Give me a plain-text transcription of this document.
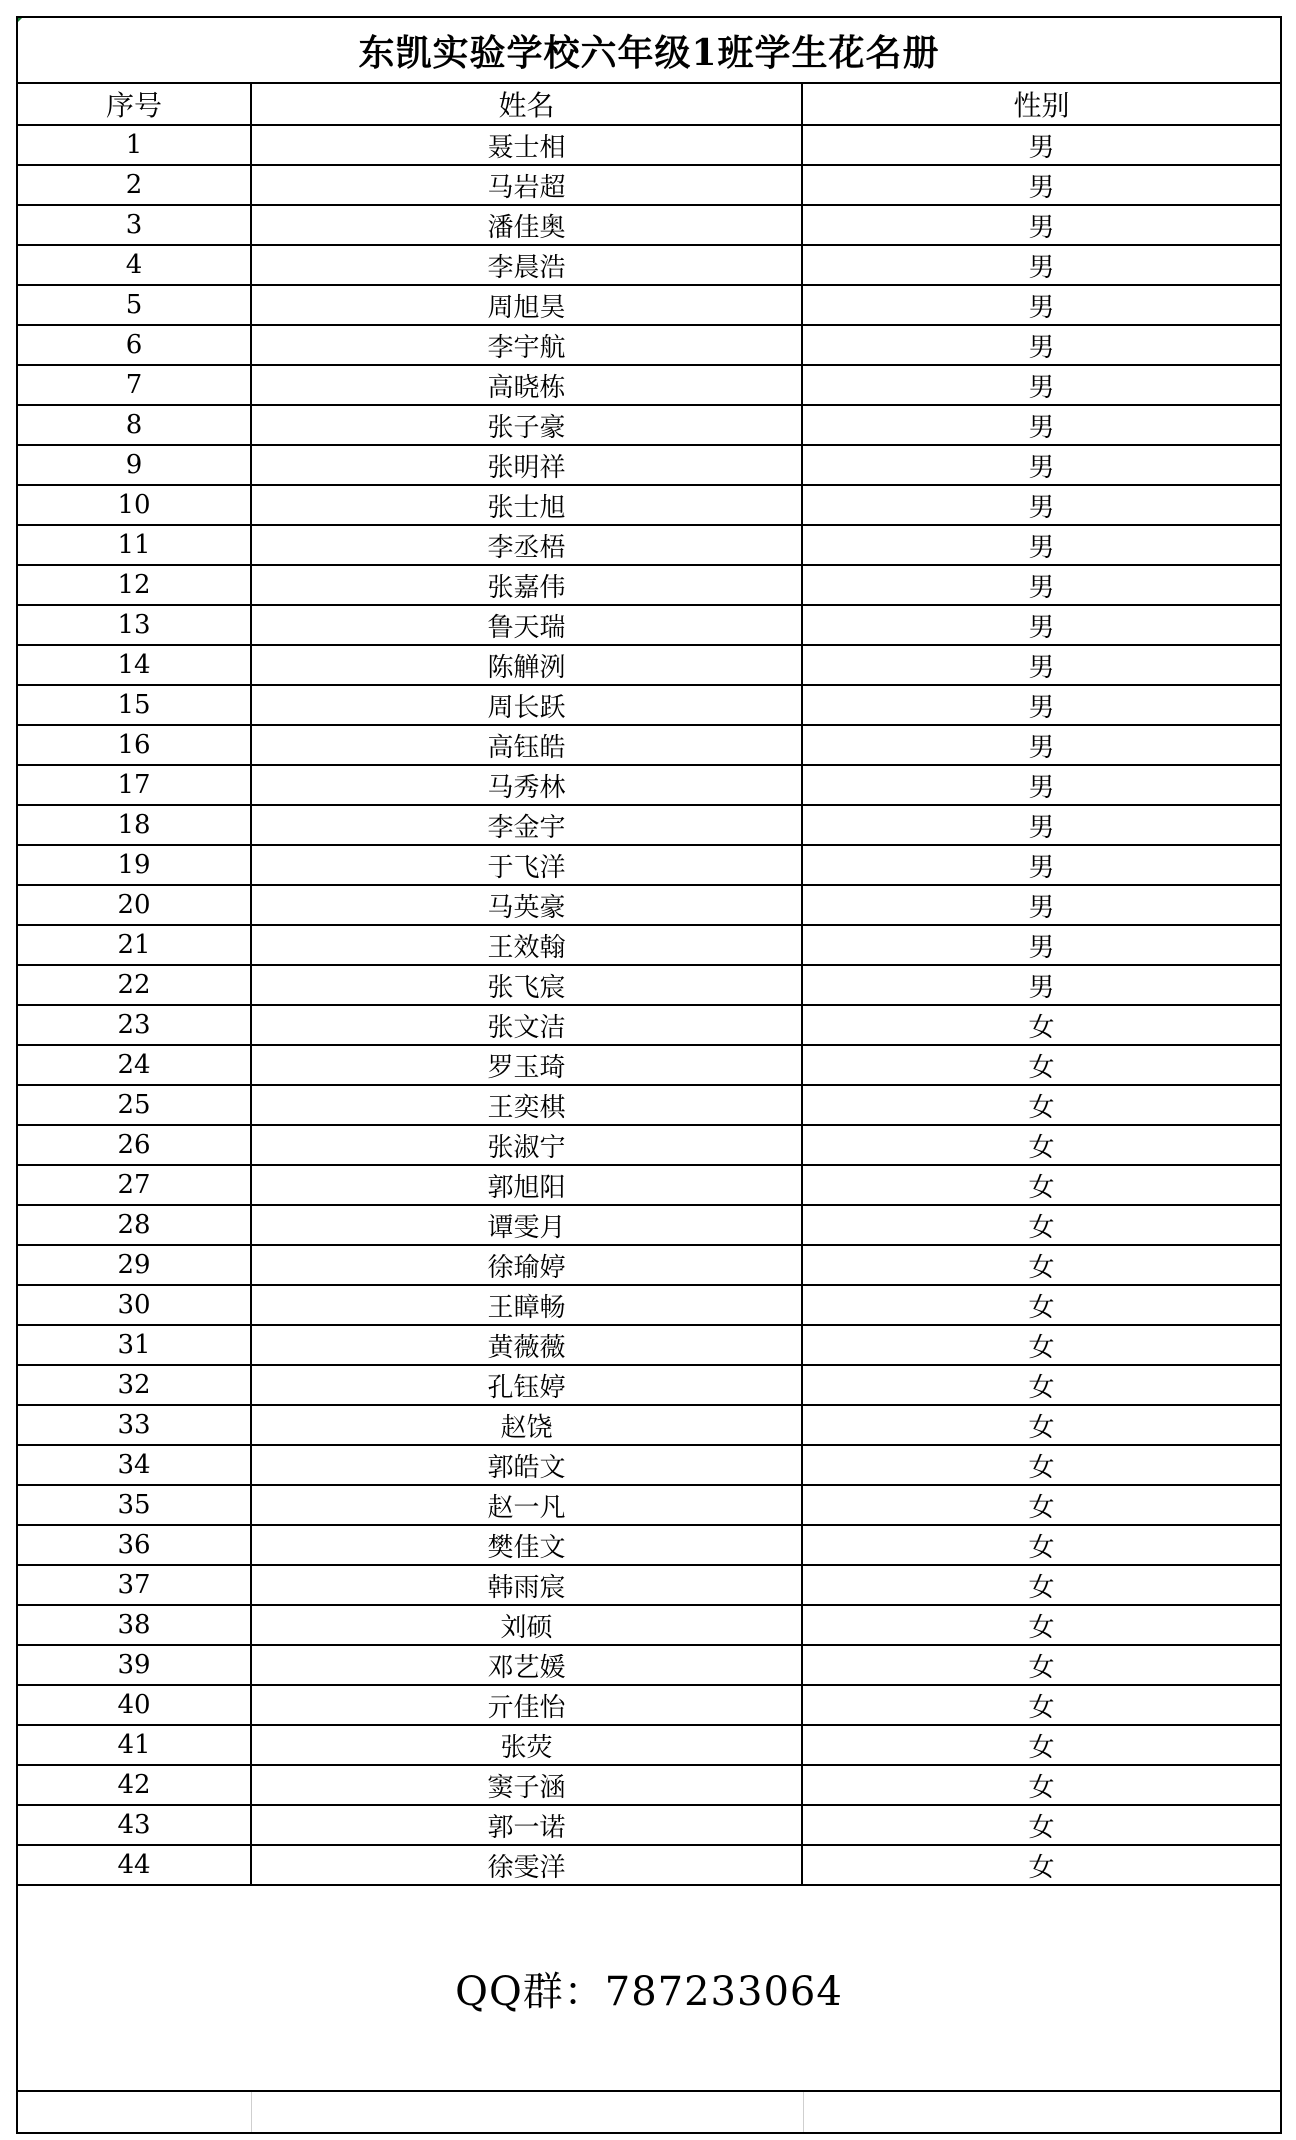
东凯实验学校六年级1班学生花名册
序号	姓名	性别
1	聂士相	男
2	马岩超	男
3	潘佳奥	男
4	李晨浩	男
5	周旭昊	男
6	李宇航	男
7	高晓栋	男
8	张子豪	男
9	张明祥	男
10	张士旭	男
11	李丞梧	男
12	张嘉伟	男
13	鲁天瑞	男
14	陈觯洌	男
15	周长跃	男
16	高钰皓	男
17	马秀林	男
18	李金宇	男
19	于飞洋	男
20	马英豪	男
21	王效翰	男
22	张飞宸	男
23	张文洁	女
24	罗玉琦	女
25	王奕棋	女
26	张淑宁	女
27	郭旭阳	女
28	谭雯月	女
29	徐瑜婷	女
30	王瞕畅	女
31	黄薇薇	女
32	孔钰婷	女
33	赵饶	女
34	郭皓文	女
35	赵一凡	女
36	樊佳文	女
37	韩雨宸	女
38	刘硕	女
39	邓艺媛	女
40	亓佳怡	女
41	张荧	女
42	窦子涵	女
43	郭一诺	女
44	徐雯洋	女
QQ群：787233064
